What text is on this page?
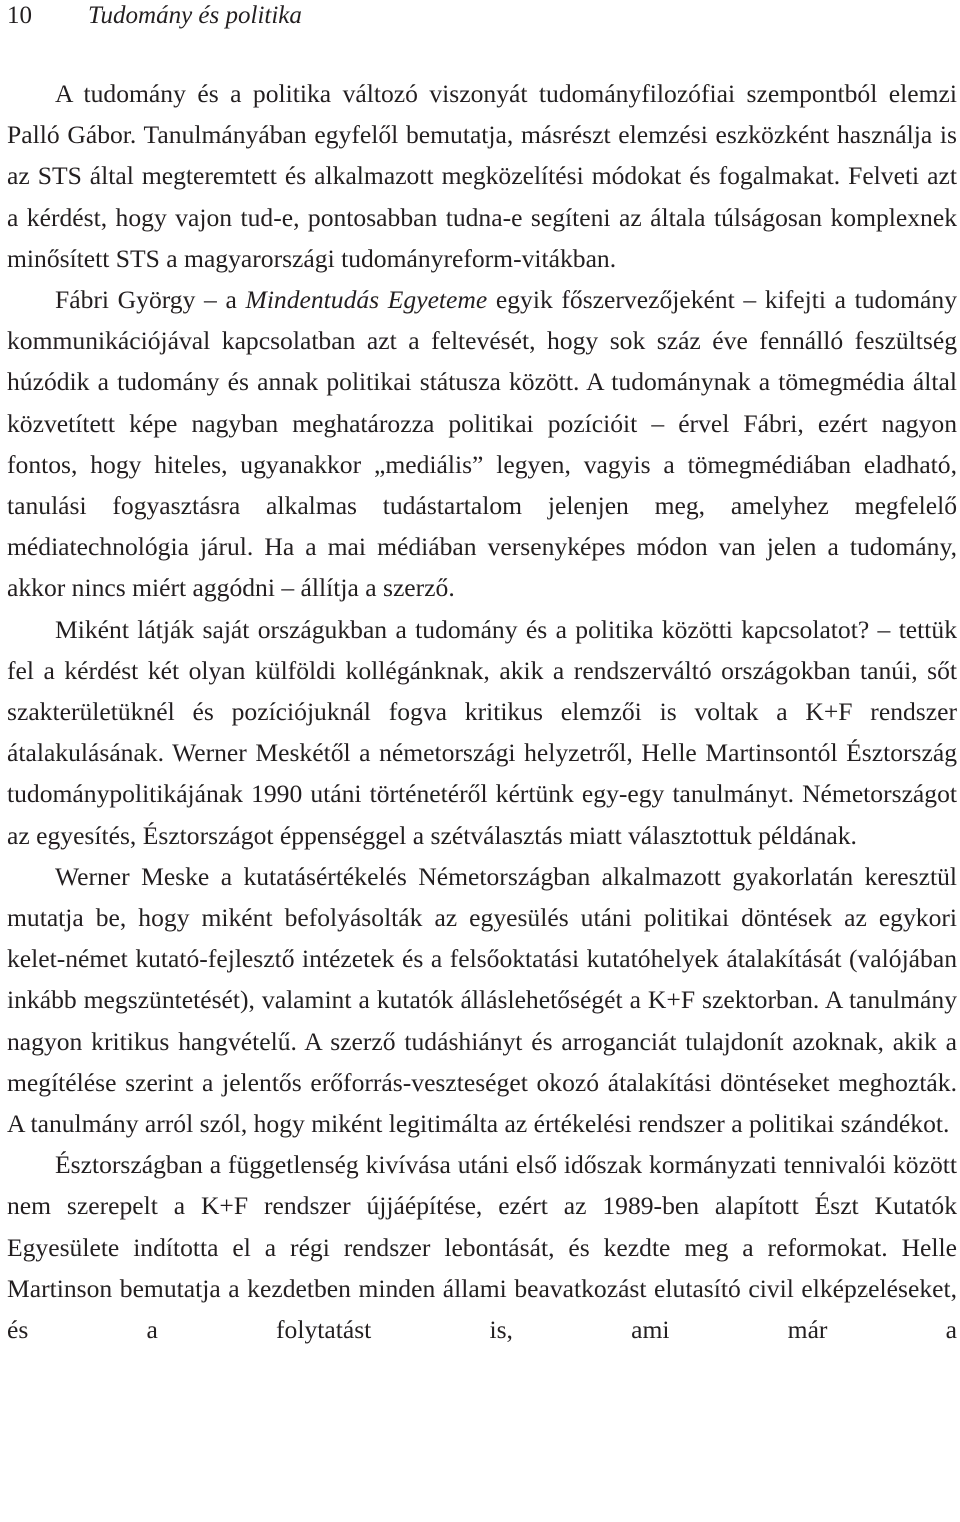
10 Tudomány és politika

A tudomány és a politika változó viszonyát tudományfilozófiai szempontból elemzi Palló Gábor. Tanulmányában egyfelől bemutatja, másrészt elemzési eszközként használja is az STS által megteremtett és alkalmazott megközelítési módokat és fogalmakat. Felveti azt a kérdést, hogy vajon tud-e, pontosabban tudna-e segíteni az általa túlságosan komplexnek minősített STS a magyarországi tudományreform-vitákban.

Fábri György – a Mindentudás Egyeteme egyik főszervezőjeként – kifejti a tudomány kommunikációjával kapcsolatban azt a feltevését, hogy sok száz éve fennálló feszültség húzódik a tudomány és annak politikai státusza között. A tudománynak a tömegmédia által közvetített képe nagyban meghatározza politikai pozícióit – érvel Fábri, ezért nagyon fontos, hogy hiteles, ugyanakkor „mediális” legyen, vagyis a tömegmédiában eladható, tanulási fogyasztásra alkalmas tudástartalom jelenjen meg, amelyhez megfelelő médiatechnológia járul. Ha a mai médiában versenyképes módon van jelen a tudomány, akkor nincs miért aggódni – állítja a szerző.

Miként látják saját országukban a tudomány és a politika közötti kapcsolatot? – tettük fel a kérdést két olyan külföldi kollégánknak, akik a rendszerváltó országokban tanúi, sőt szakterületüknél és pozíciójuknál fogva kritikus elemzői is voltak a K+F rendszer átalakulásának. Werner Meskétől a németországi helyzetről, Helle Martinsontól Észtország tudománypolitikájának 1990 utáni történetéről kértünk egy-egy tanulmányt. Németországot az egyesítés, Észtországot éppenséggel a szétválasztás miatt választottuk példának.

Werner Meske a kutatásértékelés Németországban alkalmazott gyakorlatán keresztül mutatja be, hogy miként befolyásolták az egyesülés utáni politikai döntések az egykori kelet-német kutató-fejlesztő intézetek és a felsőoktatási kutatóhelyek átalakítását (valójában inkább megszüntetését), valamint a kutatók álláslehetőségét a K+F szektorban. A tanulmány nagyon kritikus hangvételű. A szerző tudáshiányt és arroganciát tulajdonít azoknak, akik a megítélése szerint a jelentős erőforrás-veszteséget okozó átalakítási döntéseket meghozták. A tanulmány arról szól, hogy miként legitimálta az értékelési rendszer a politikai szándékot.

Észtországban a függetlenség kivívása utáni első időszak kormányzati tennivalói között nem szerepelt a K+F rendszer újjáépítése, ezért az 1989-ben alapított Észt Kutatók Egyesülete indította el a régi rendszer lebontását, és kezdte meg a reformokat. Helle Martinson bemutatja a kezdetben minden állami beavatkozást elutasító civil elképzeléseket, és a folytatást is, ami már a
